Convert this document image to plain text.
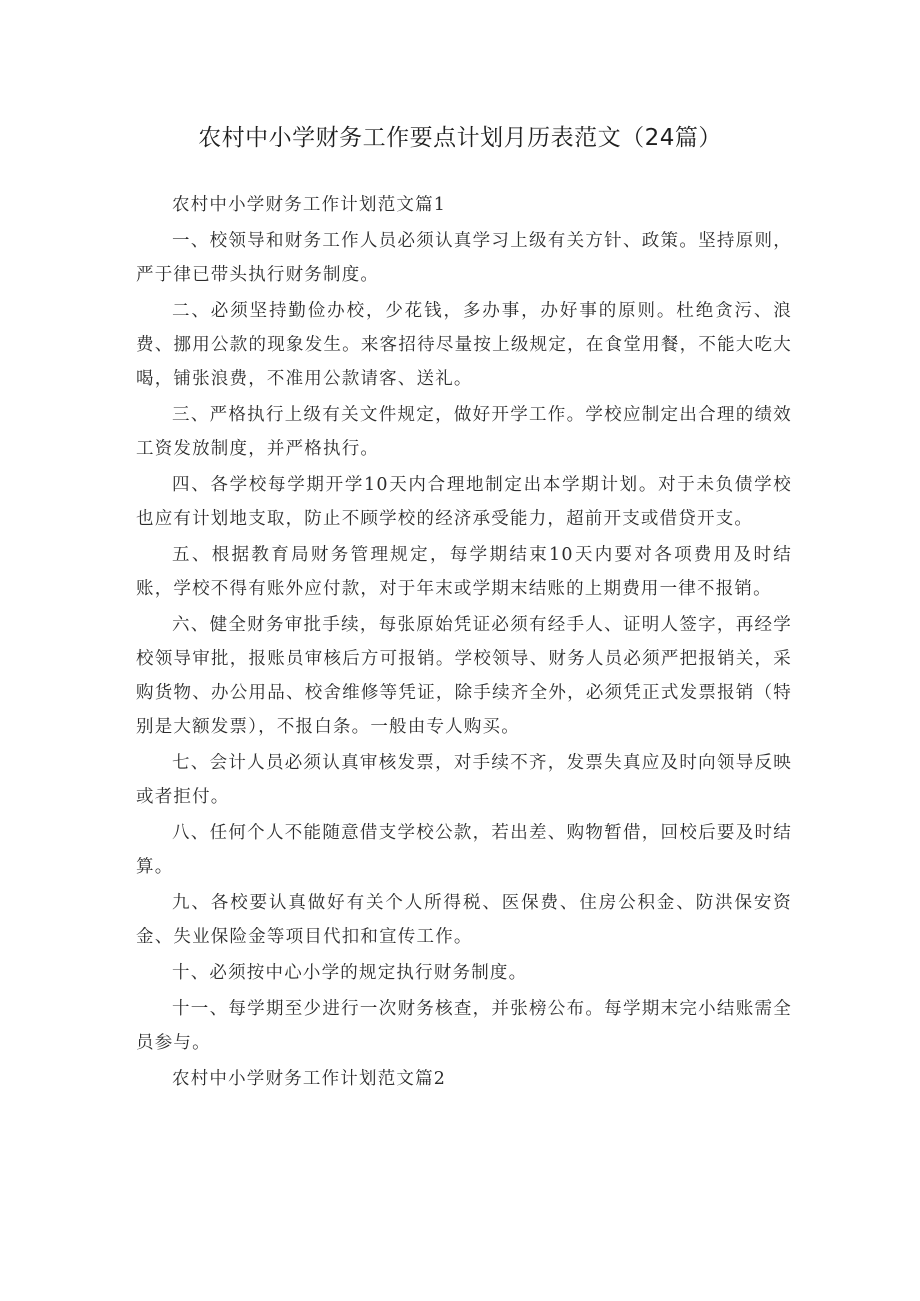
农村中小学财务工作要点计划月历表范文（24篇）

农村中小学财务工作计划范文篇1

一、校领导和财务工作人员必须认真学习上级有关方针、政策。坚持原则，严于律已带头执行财务制度。

二、必须坚持勤俭办校，少花钱，多办事，办好事的原则。杜绝贪污、浪费、挪用公款的现象发生。来客招待尽量按上级规定，在食堂用餐，不能大吃大喝，铺张浪费，不准用公款请客、送礼。

三、严格执行上级有关文件规定，做好开学工作。学校应制定出合理的绩效工资发放制度，并严格执行。

四、各学校每学期开学10天内合理地制定出本学期计划。对于未负债学校也应有计划地支取，防止不顾学校的经济承受能力，超前开支或借贷开支。

五、根据教育局财务管理规定，每学期结束10天内要对各项费用及时结账，学校不得有账外应付款，对于年末或学期末结账的上期费用一律不报销。

六、健全财务审批手续，每张原始凭证必须有经手人、证明人签字，再经学校领导审批，报账员审核后方可报销。学校领导、财务人员必须严把报销关，采购货物、办公用品、校舍维修等凭证，除手续齐全外，必须凭正式发票报销（特别是大额发票），不报白条。一般由专人购买。

七、会计人员必须认真审核发票，对手续不齐，发票失真应及时向领导反映或者拒付。

八、任何个人不能随意借支学校公款，若出差、购物暂借，回校后要及时结算。

九、各校要认真做好有关个人所得税、医保费、住房公积金、防洪保安资金、失业保险金等项目代扣和宣传工作。

十、必须按中心小学的规定执行财务制度。

十一、每学期至少进行一次财务核查，并张榜公布。每学期末完小结账需全员参与。

农村中小学财务工作计划范文篇2
